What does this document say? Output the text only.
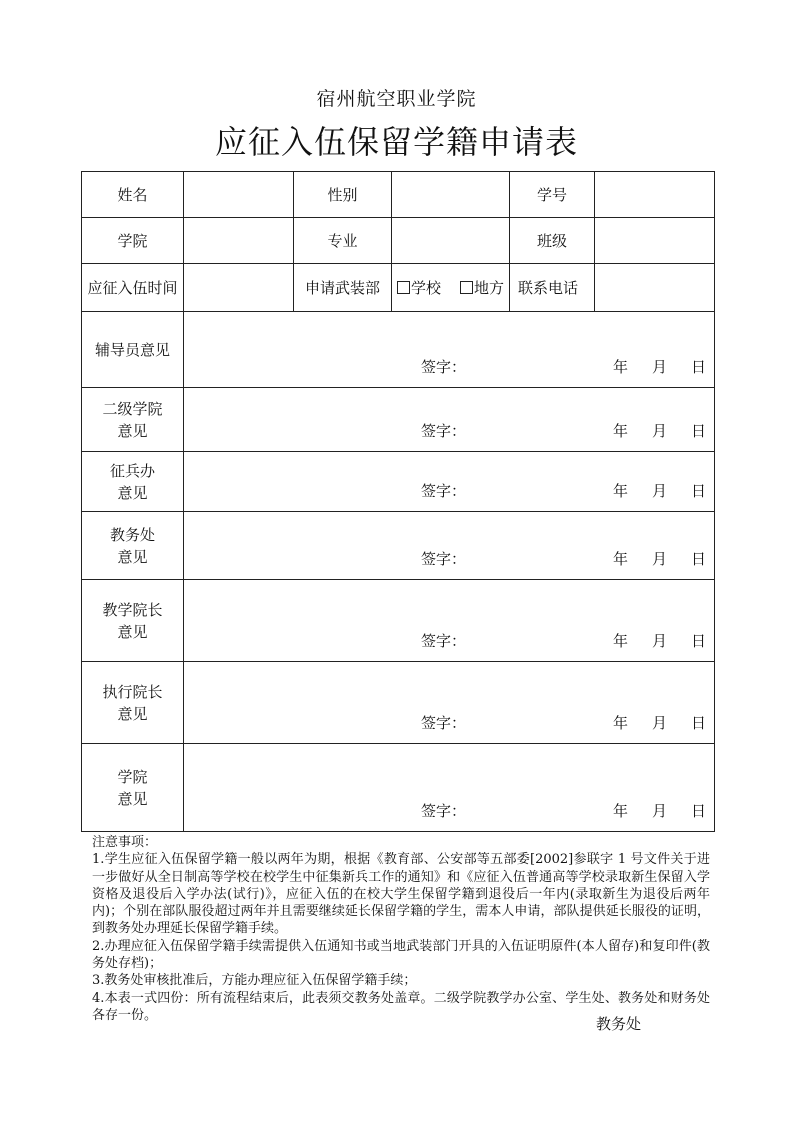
宿州航空职业学院
应征入伍保留学籍申请表
姓名		性别		学号	
学院		专业		班级	
应征入伍时间		申请武装部	学校 地方	联系电话	
辅导员意见	签字： 年 月 日				

二级学院
意见	签字： 年 月 日				

征兵办
意见	签字： 年 月 日				

教务处
意见	签字： 年 月 日				

教学院长
意见	签字： 年 月 日				

执行院长
意见	签字： 年 月 日				

学院
意见	签字： 年 月 日				

注意事项：

1.学生应征入伍保留学籍一般以两年为期，根据《教育部、公安部等五部委[2002]参联字 1 号文件关于进一步做好从全日制高等学校在校学生中征集新兵工作的通知》和《应征入伍普通高等学校录取新生保留入学资格及退役后入学办法(试行)》，应征入伍的在校大学生保留学籍到退役后一年内(录取新生为退役后两年内)；个别在部队服役超过两年并且需要继续延长保留学籍的学生，需本人申请，部队提供延长服役的证明，到教务处办理延长保留学籍手续。

2.办理应征入伍保留学籍手续需提供入伍通知书或当地武装部门开具的入伍证明原件(本人留存)和复印件(教务处存档)；

3.教务处审核批准后，方能办理应征入伍保留学籍手续；

4.本表一式四份：所有流程结束后，此表须交教务处盖章。二级学院教学办公室、学生处、教务处和财务处各存一份。	教务处
